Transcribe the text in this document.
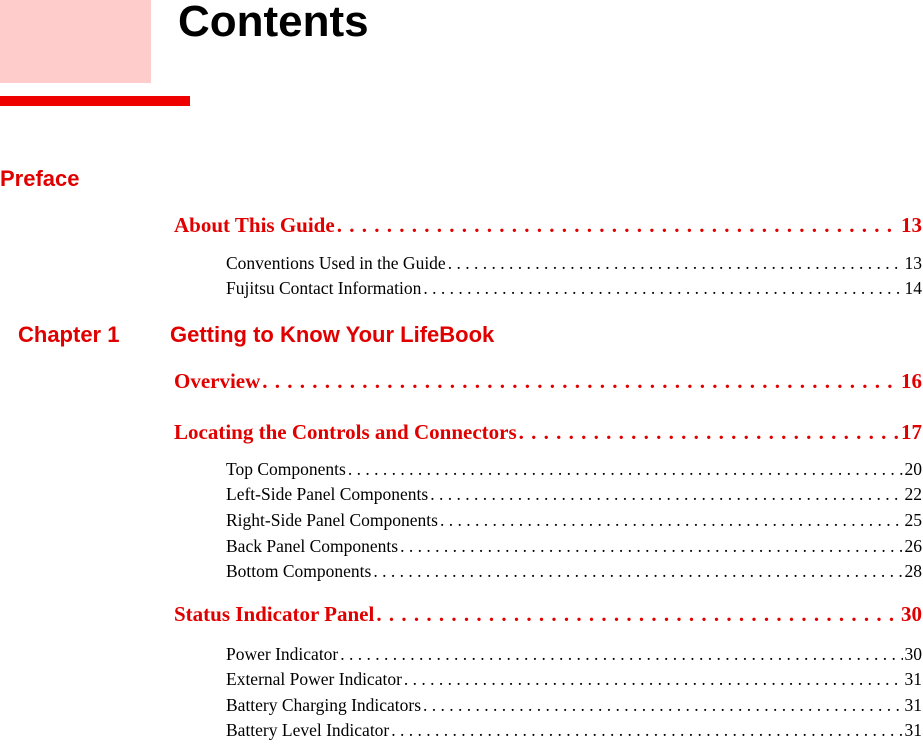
Contents
Preface
About This Guide . . .	13
Conventions Used in the Guide . . .	13
Fujitsu Contact Information . . .	14
Chapter 1 Getting to Know Your LifeBook
Overview . . .	16
Locating the Controls and Connectors . . .	17
Top Components . . .	20
Left-Side Panel Components . . .	22
Right-Side Panel Components . . .	25
Back Panel Components . . .	26
Bottom Components . . .	28
Status Indicator Panel . . .	30
Power Indicator . . .	30
External Power Indicator . . .	31
Battery Charging Indicators . . .	31
Battery Level Indicator . . .	31
